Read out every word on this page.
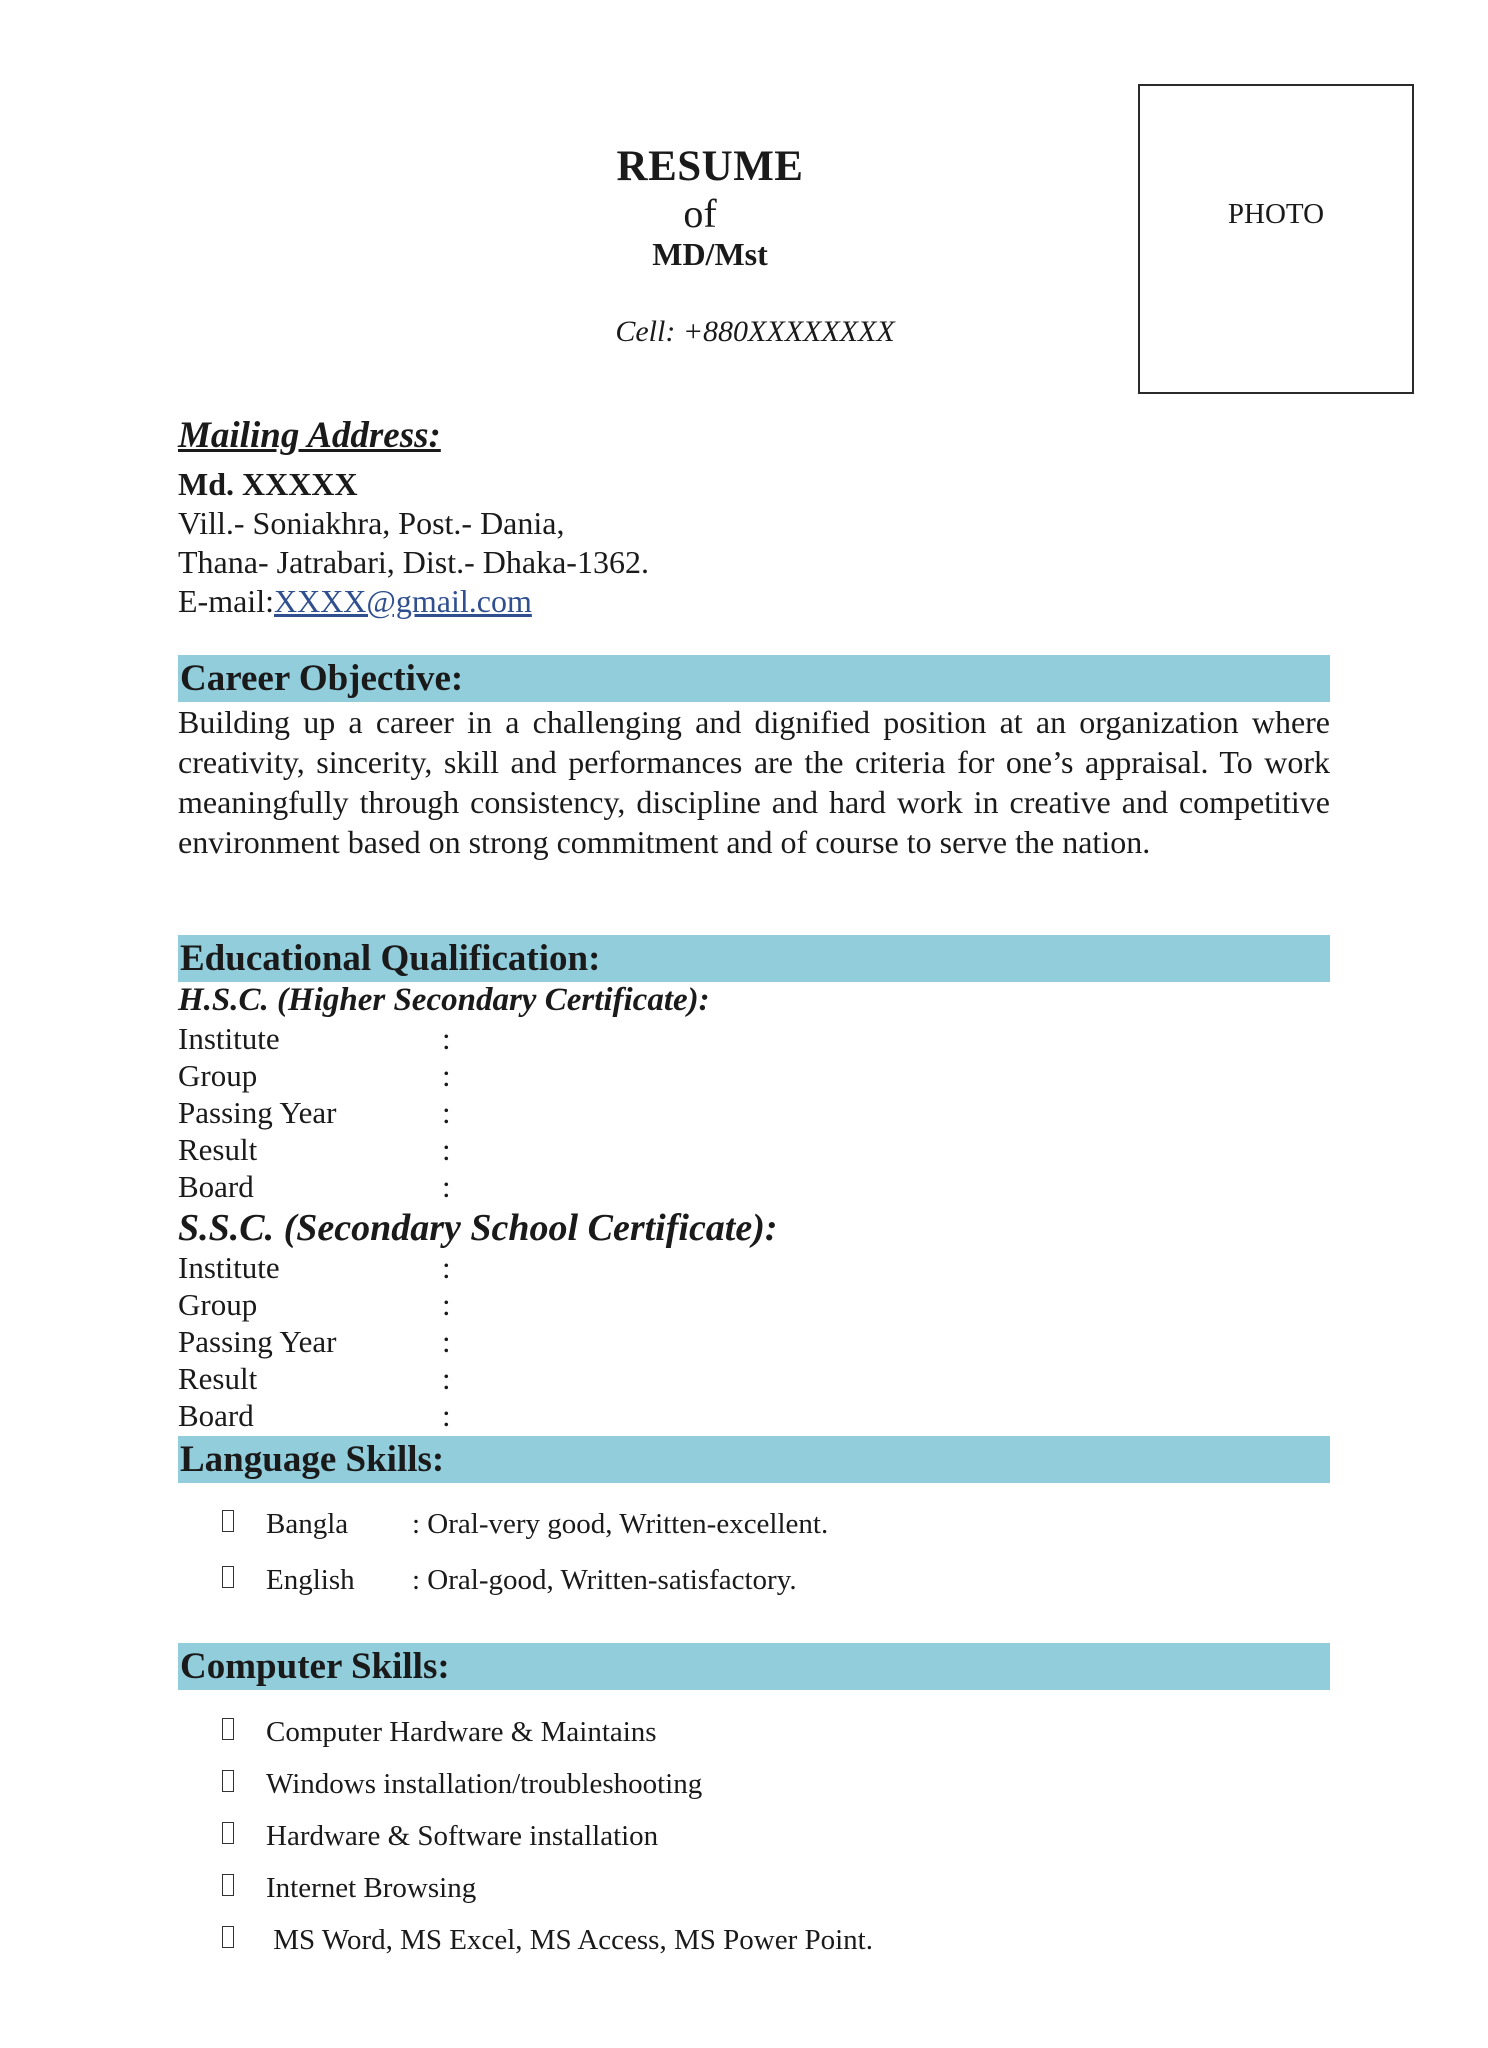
RESUME
of
MD/Mst
Cell: +880XXXXXXXX
PHOTO
Mailing Address:
Md. XXXXX
Vill.- Soniakhra, Post.- Dania,
Thana- Jatrabari, Dist.- Dhaka-1362.
E-mail:XXXX@gmail.com
Career Objective:
Building up a career in a challenging and dignified position at an organization where creativity, sincerity, skill and performances are the criteria for one’s appraisal. To work meaningfully through consistency, discipline and hard work in creative and competitive environment based on strong commitment and of course to serve the nation.
Educational Qualification:
H.S.C. (Higher Secondary Certificate):
Institute	:
Group	:
Passing Year	:
Result	:
Board	:
S.S.C. (Secondary School Certificate):
Institute	:
Group	:
Passing Year	:
Result	:
Board	:
Language Skills:
Bangla : Oral-very good, Written-excellent.
English : Oral-good, Written-satisfactory.
Computer Skills:
Computer Hardware & Maintains
Windows installation/troubleshooting
Hardware & Software installation
Internet Browsing
MS Word, MS Excel, MS Access, MS Power Point.
